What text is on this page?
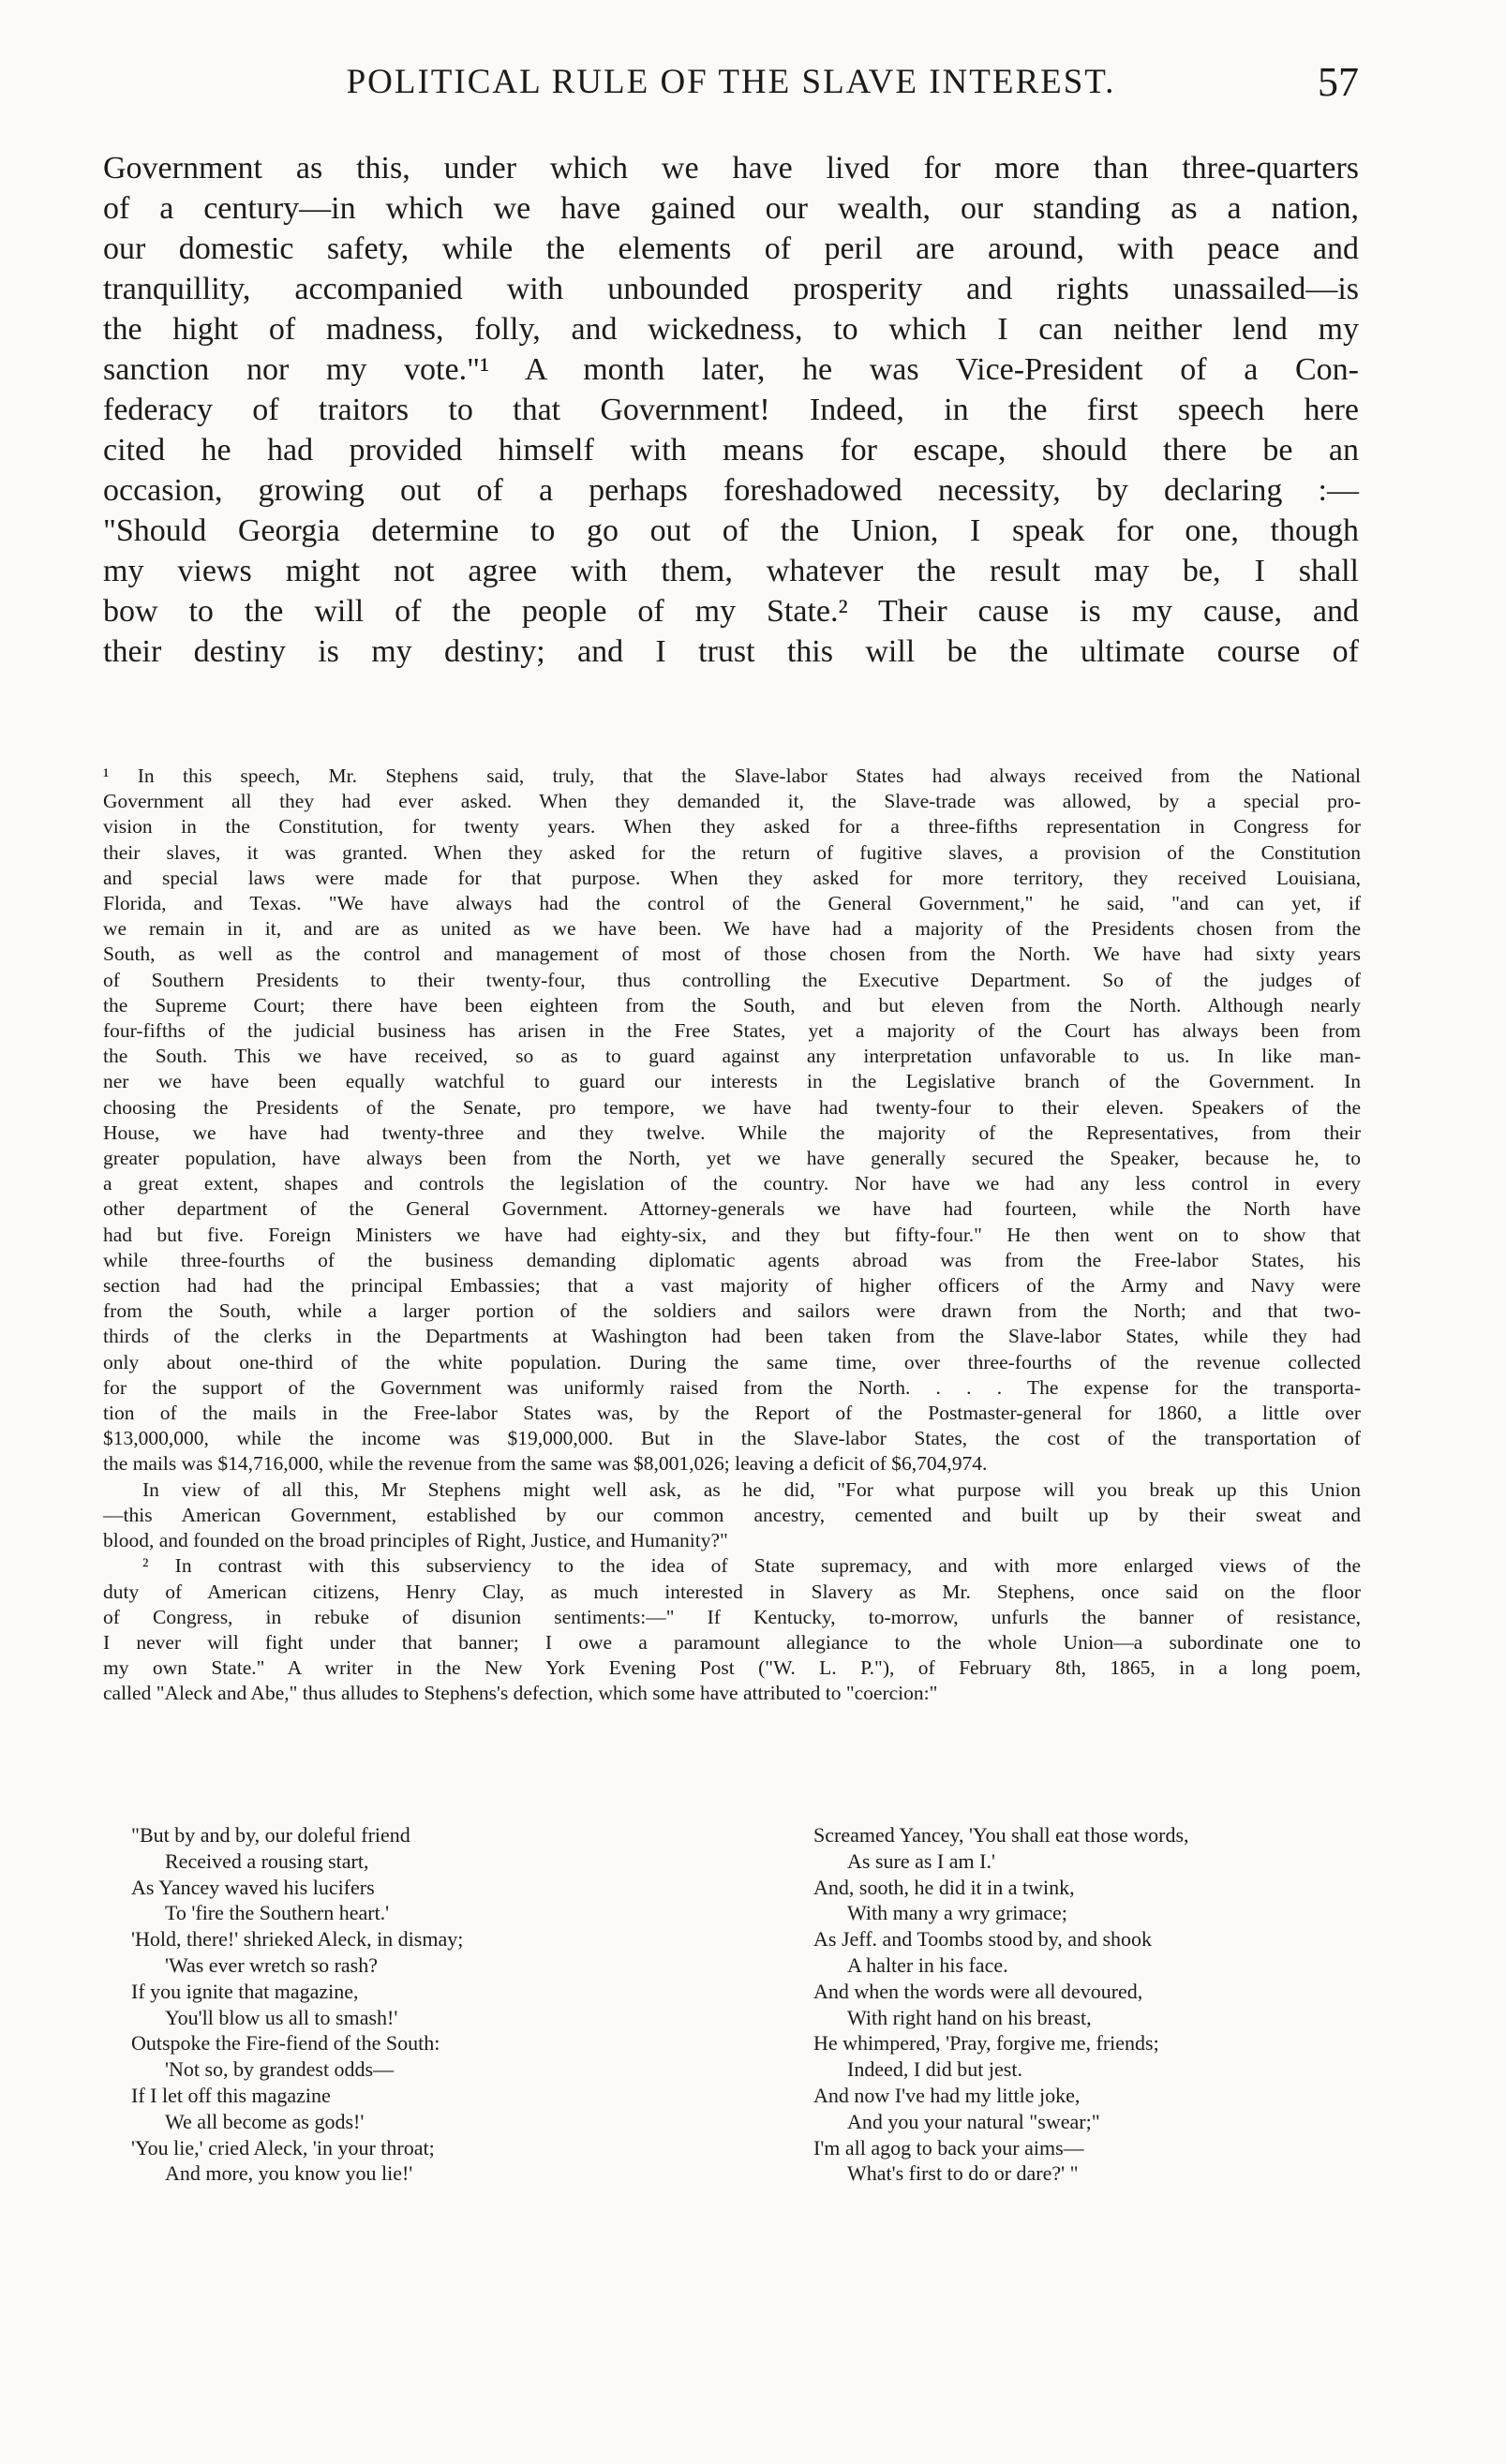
POLITICAL RULE OF THE SLAVE INTEREST.	57
Government as this, under which we have lived for more than three-quarters
of a century—in which we have gained our wealth, our standing as a nation,
our domestic safety, while the elements of peril are around, with peace and
tranquillity, accompanied with unbounded prosperity and rights unassailed—is
the hight of madness, folly, and wickedness, to which I can neither lend my
sanction nor my vote."¹ A month later, he was Vice-President of a Con-
federacy of traitors to that Government! Indeed, in the first speech here
cited he had provided himself with means for escape, should there be an
occasion, growing out of a perhaps foreshadowed necessity, by declaring :—
"Should Georgia determine to go out of the Union, I speak for one, though
my views might not agree with them, whatever the result may be, I shall
bow to the will of the people of my State.² Their cause is my cause, and
their destiny is my destiny; and I trust this will be the ultimate course of
¹ In this speech, Mr. Stephens said, truly, that the Slave-labor States had always received from the National
Government all they had ever asked. When they demanded it, the Slave-trade was allowed, by a special pro-
vision in the Constitution, for twenty years. When they asked for a three-fifths representation in Congress for
their slaves, it was granted. When they asked for the return of fugitive slaves, a provision of the Constitution
and special laws were made for that purpose. When they asked for more territory, they received Louisiana,
Florida, and Texas. "We have always had the control of the General Government," he said, "and can yet, if
we remain in it, and are as united as we have been. We have had a majority of the Presidents chosen from the
South, as well as the control and management of most of those chosen from the North. We have had sixty years
of Southern Presidents to their twenty-four, thus controlling the Executive Department. So of the judges of
the Supreme Court; there have been eighteen from the South, and but eleven from the North. Although nearly
four-fifths of the judicial business has arisen in the Free States, yet a majority of the Court has always been from
the South. This we have received, so as to guard against any interpretation unfavorable to us. In like man-
ner we have been equally watchful to guard our interests in the Legislative branch of the Government. In
choosing the Presidents of the Senate, pro tempore, we have had twenty-four to their eleven. Speakers of the
House, we have had twenty-three and they twelve. While the majority of the Representatives, from their
greater population, have always been from the North, yet we have generally secured the Speaker, because he, to
a great extent, shapes and controls the legislation of the country. Nor have we had any less control in every
other department of the General Government. Attorney-generals we have had fourteen, while the North have
had but five. Foreign Ministers we have had eighty-six, and they but fifty-four." He then went on to show that
while three-fourths of the business demanding diplomatic agents abroad was from the Free-labor States, his
section had had the principal Embassies; that a vast majority of higher officers of the Army and Navy were
from the South, while a larger portion of the soldiers and sailors were drawn from the North; and that two-
thirds of the clerks in the Departments at Washington had been taken from the Slave-labor States, while they had
only about one-third of the white population. During the same time, over three-fourths of the revenue collected
for the support of the Government was uniformly raised from the North. . . . The expense for the transporta-
tion of the mails in the Free-labor States was, by the Report of the Postmaster-general for 1860, a little over
$13,000,000, while the income was $19,000,000. But in the Slave-labor States, the cost of the transportation of
the mails was $14,716,000, while the revenue from the same was $8,001,026; leaving a deficit of $6,704,974.
In view of all this, Mr Stephens might well ask, as he did, "For what purpose will you break up this Union
—this American Government, established by our common ancestry, cemented and built up by their sweat and
blood, and founded on the broad principles of Right, Justice, and Humanity?"
² In contrast with this subserviency to the idea of State supremacy, and with more enlarged views of the
duty of American citizens, Henry Clay, as much interested in Slavery as Mr. Stephens, once said on the floor
of Congress, in rebuke of disunion sentiments:—" If Kentucky, to-morrow, unfurls the banner of resistance,
I never will fight under that banner; I owe a paramount allegiance to the whole Union—a subordinate one to
my own State." A writer in the New York Evening Post ("W. L. P."), of February 8th, 1865, in a long poem,
called "Aleck and Abe," thus alludes to Stephens's defection, which some have attributed to "coercion:"
"But by and by, our doleful friend
Received a rousing start,
As Yancey waved his lucifers
To 'fire the Southern heart.'
'Hold, there!' shrieked Aleck, in dismay;
'Was ever wretch so rash?
If you ignite that magazine,
You'll blow us all to smash!'
Outspoke the Fire-fiend of the South:
'Not so, by grandest odds—
If I let off this magazine
We all become as gods!'
'You lie,' cried Aleck, 'in your throat;
And more, you know you lie!'
Screamed Yancey, 'You shall eat those words,
As sure as I am I.'
And, sooth, he did it in a twink,
With many a wry grimace;
As Jeff. and Toombs stood by, and shook
A halter in his face.
And when the words were all devoured,
With right hand on his breast,
He whimpered, 'Pray, forgive me, friends;
Indeed, I did but jest.
And now I've had my little joke,
And you your natural "swear;"
I'm all agog to back your aims—
What's first to do or dare?' "
